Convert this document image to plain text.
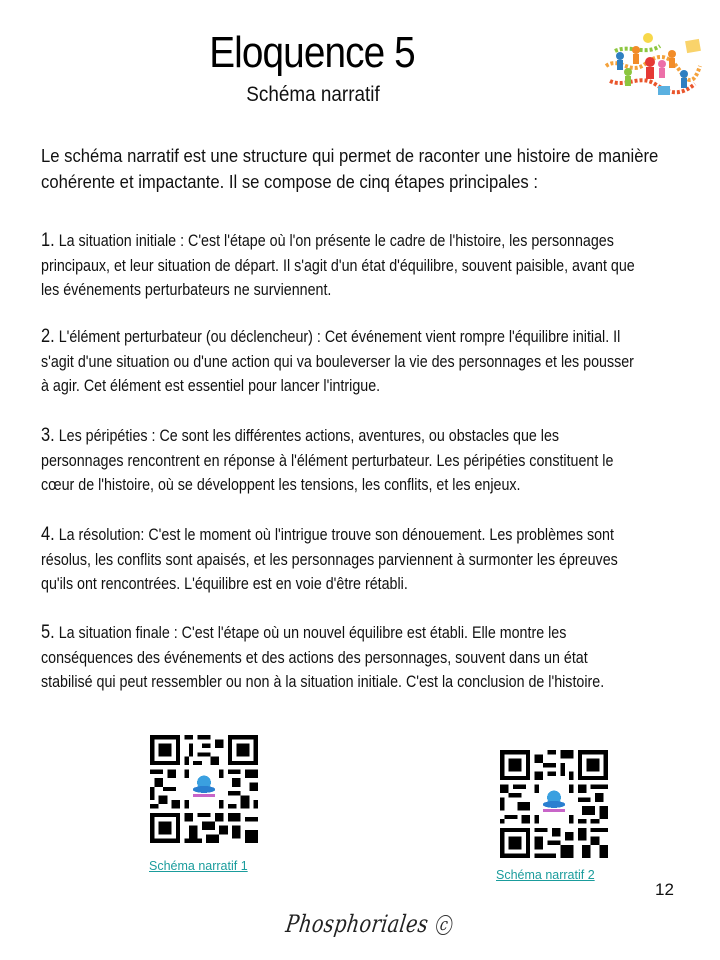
Eloquence 5
Schéma narratif
Le schéma narratif est une structure qui permet de raconter une histoire de manière cohérente et impactante. Il se compose de cinq étapes principales :
1. La situation initiale : C'est l'étape où l'on présente le cadre de l'histoire, les personnages
principaux, et leur situation de départ. Il s'agit d'un état d'équilibre, souvent paisible, avant que
les événements perturbateurs ne surviennent.
2. L'élément perturbateur (ou déclencheur) : Cet événement vient rompre l'équilibre initial. Il
s'agit d'une situation ou d'une action qui va bouleverser la vie des personnages et les pousser
à agir. Cet élément est essentiel pour lancer l'intrigue.
3. Les péripéties : Ce sont les différentes actions, aventures, ou obstacles que les
personnages rencontrent en réponse à l'élément perturbateur. Les péripéties constituent le
cœur de l'histoire, où se développent les tensions, les conflits, et les enjeux.
4. La résolution: C'est le moment où l'intrigue trouve son dénouement. Les problèmes sont
résolus, les conflits sont apaisés, et les personnages parviennent à surmonter les épreuves
qu'ils ont rencontrées. L'équilibre est en voie d'être rétabli.
5. La situation finale : C'est l'étape où un nouvel équilibre est établi. Elle montre les
conséquences des événements et des actions des personnages, souvent dans un état
stabilisé qui peut ressembler ou non à la situation initiale. C'est la conclusion de l'histoire.
Schéma narratif 1
Schéma narratif 2
12
Phosphoriales c
